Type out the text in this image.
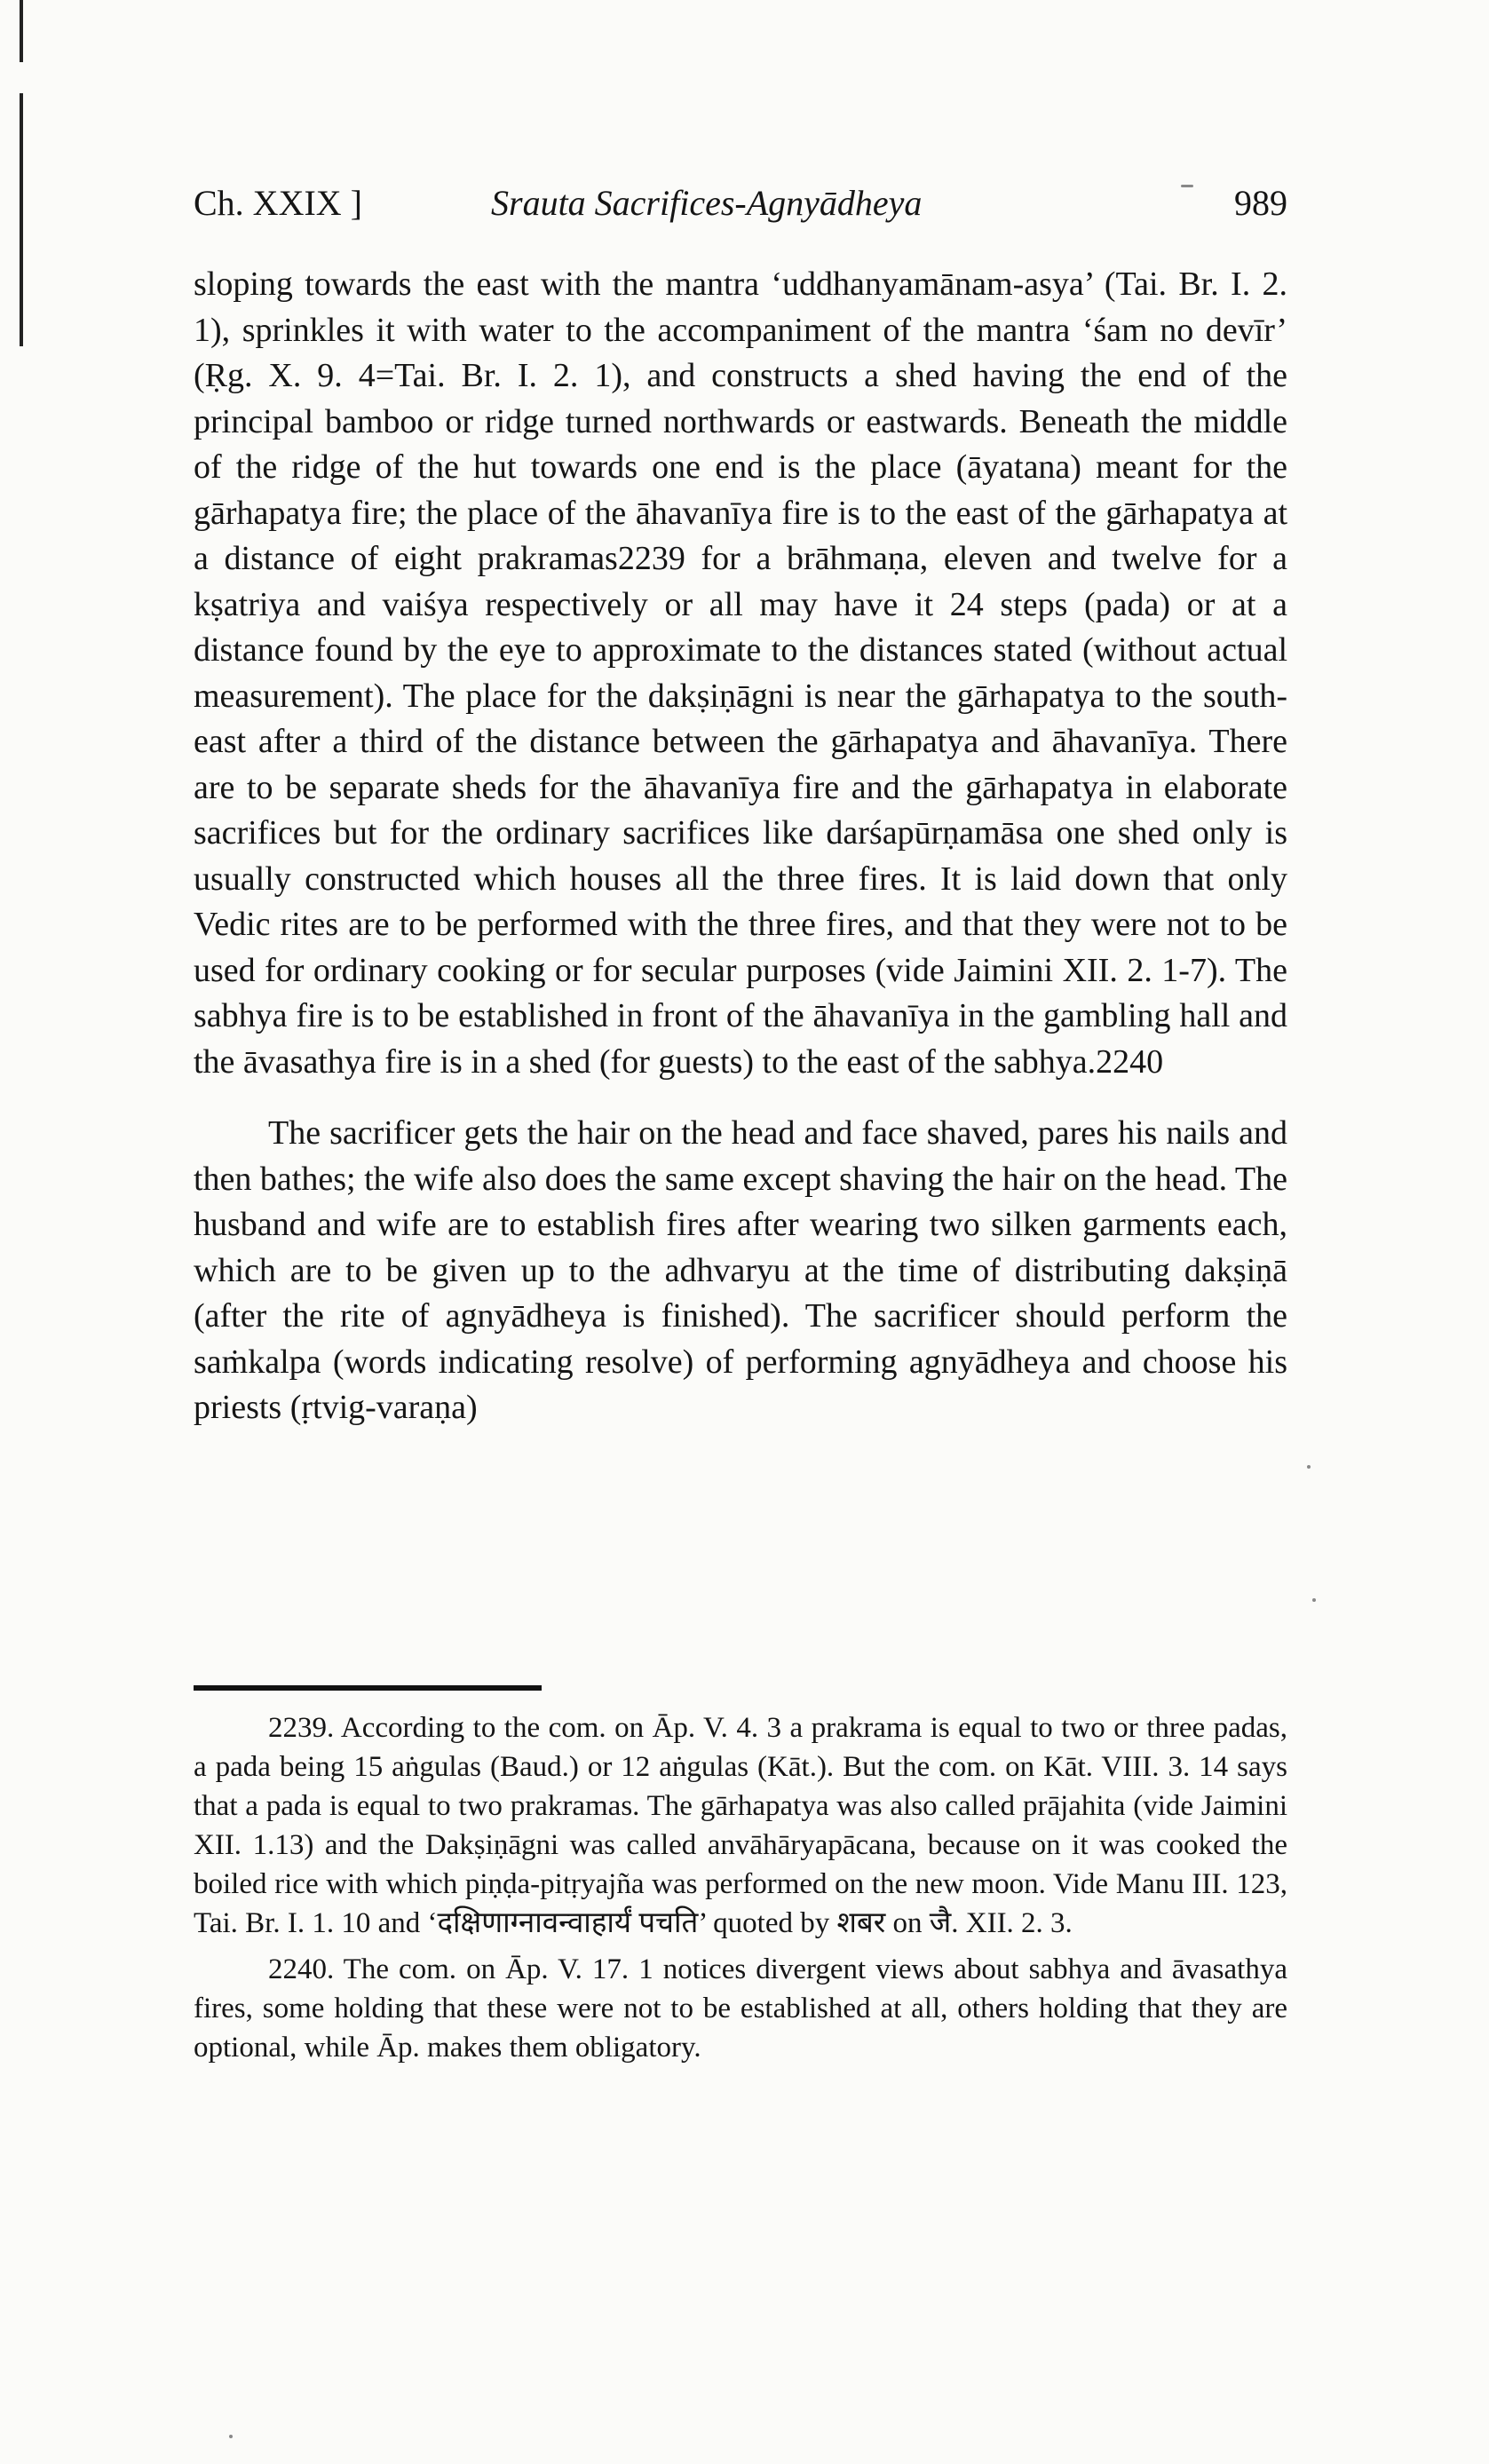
Ch. XXIX ]	Srauta Sacrifices-Agnyādheya	989

sloping towards the east with the mantra ‘uddhanyamānam-asya’ (Tai. Br. I. 2. 1), sprinkles it with water to the accompaniment of the mantra ‘śam no devīr’ (Ṛg. X. 9. 4=Tai. Br. I. 2. 1), and constructs a shed having the end of the principal bamboo or ridge turned northwards or eastwards. Beneath the middle of the ridge of the hut towards one end is the place (āyatana) meant for the gārhapatya fire; the place of the āhavanīya fire is to the east of the gārhapatya at a distance of eight prakramas2239 for a brāhmaṇa, eleven and twelve for a kṣatriya and vaiśya respectively or all may have it 24 steps (pada) or at a distance found by the eye to approximate to the distances stated (without actual measurement). The place for the dakṣiṇāgni is near the gārhapatya to the south-east after a third of the distance between the gārhapatya and āhavanīya. There are to be separate sheds for the āhavanīya fire and the gārhapatya in elaborate sacrifices but for the ordinary sacrifices like darśapūrṇamāsa one shed only is usually constructed which houses all the three fires. It is laid down that only Vedic rites are to be performed with the three fires, and that they were not to be used for ordinary cooking or for secular purposes (vide Jaimini XII. 2. 1-7). The sabhya fire is to be established in front of the āhavanīya in the gambling hall and the āvasathya fire is in a shed (for guests) to the east of the sabhya.2240

The sacrificer gets the hair on the head and face shaved, pares his nails and then bathes; the wife also does the same except shaving the hair on the head. The husband and wife are to establish fires after wearing two silken garments each, which are to be given up to the adhvaryu at the time of distributing dakṣiṇā (after the rite of agnyādheya is finished). The sacrificer should perform the saṁkalpa (words indicating resolve) of performing agnyādheya and choose his priests (ṛtvig-varaṇa)

2239. According to the com. on Āp. V. 4. 3 a prakrama is equal to two or three padas, a pada being 15 aṅgulas (Baud.) or 12 aṅgulas (Kāt.). But the com. on Kāt. VIII. 3. 14 says that a pada is equal to two prakramas. The gārhapatya was also called prājahita (vide Jaimini XII. 1.13) and the Dakṣiṇāgni was called anvāhāryapācana, because on it was cooked the boiled rice with which piṇḍa-pitṛyajña was performed on the new moon. Vide Manu III. 123, Tai. Br. I. 1. 10 and ‘दक्षिणाग्नावन्वाहार्यं पचति’ quoted by शबर on जै. XII. 2. 3.

2240. The com. on Āp. V. 17. 1 notices divergent views about sabhya and āvasathya fires, some holding that these were not to be established at all, others holding that they are optional, while Āp. makes them obligatory.
